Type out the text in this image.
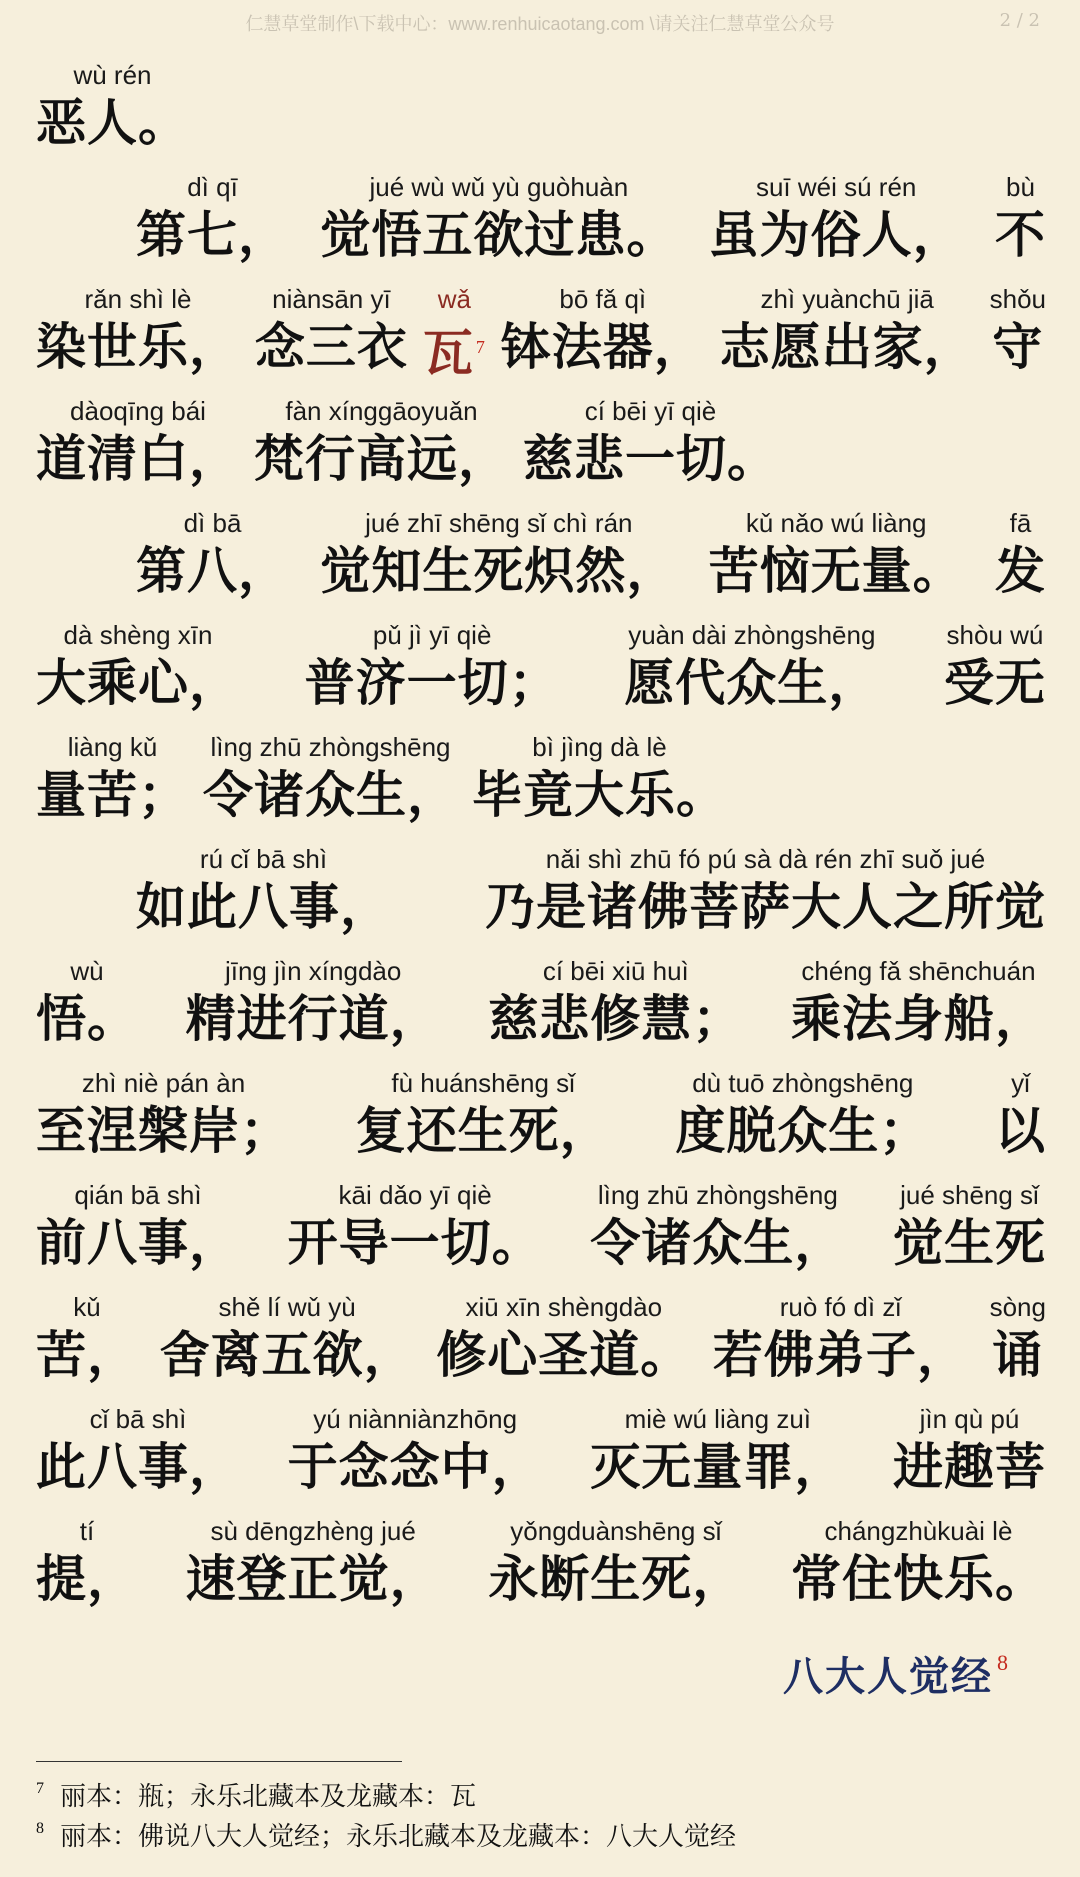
仁慧草堂制作\下载中心：www.renhuicaotang.com \请关注仁慧草堂公众号	2 / 2
wù rén
恶人。
dì qī
第七，
jué wù wǔ yù guòhuàn
觉悟五欲过患。
suī wéi sú rén
虽为俗人，
bù
不
rǎn shì lè
染世乐，
niànsān yī
念三衣
wǎ
瓦 $^7$
bō fǎ qì
钵法器，
zhì yuànchū jiā
志愿出家，
shǒu
守
dàoqīng bái
道清白，
fàn xínggāoyuǎn
梵行高远，
cí bēi yī qiè
慈悲一切。
dì bā
第八，
jué zhī shēng sǐ chì rán
觉知生死炽然，
kǔ nǎo wú liàng
苦恼无量。
fā
发
dà shèng xīn
大乘心，
pǔ jì yī qiè
普济一切；
yuàn dài zhòngshēng
愿代众生，
shòu wú
受无
liàng kǔ
量苦；
lìng zhū zhòngshēng
令诸众生，
bì jìng dà lè
毕竟大乐。
rú cǐ bā shì
如此八事，
nǎi shì zhū fó pú sà dà rén zhī suǒ jué
乃是诸佛菩萨大人之所觉
wù
悟。
jīng jìn xíngdào
精进行道，
cí bēi xiū huì
慈悲修慧；
chéng fǎ shēnchuán
乘法身船，
zhì niè pán àn
至涅槃岸；
fù huánshēng sǐ
复还生死，
dù tuō zhòngshēng
度脱众生；
yǐ
以
qián bā shì
前八事，
kāi dǎo yī qiè
开导一切。
lìng zhū zhòngshēng
令诸众生，
jué shēng sǐ
觉生死
kǔ
苦，
shě lí wǔ yù
舍离五欲，
xiū xīn shèngdào
修心圣道。
ruò fó dì zǐ
若佛弟子，
sòng
诵
cǐ bā shì
此八事，
yú niànniànzhōng
于念念中，
miè wú liàng zuì
灭无量罪，
jìn qù pú
进趣菩
tí
提，
sù dēngzhèng jué
速登正觉，
yǒngduànshēng sǐ
永断生死，
chángzhùkuài lè
常住快乐。
八大人觉经 $^8$
$^7$ 丽本：瓶；永乐北藏本及龙藏本：瓦
$^8$ 丽本：佛说八大人觉经；永乐北藏本及龙藏本：八大人觉经
